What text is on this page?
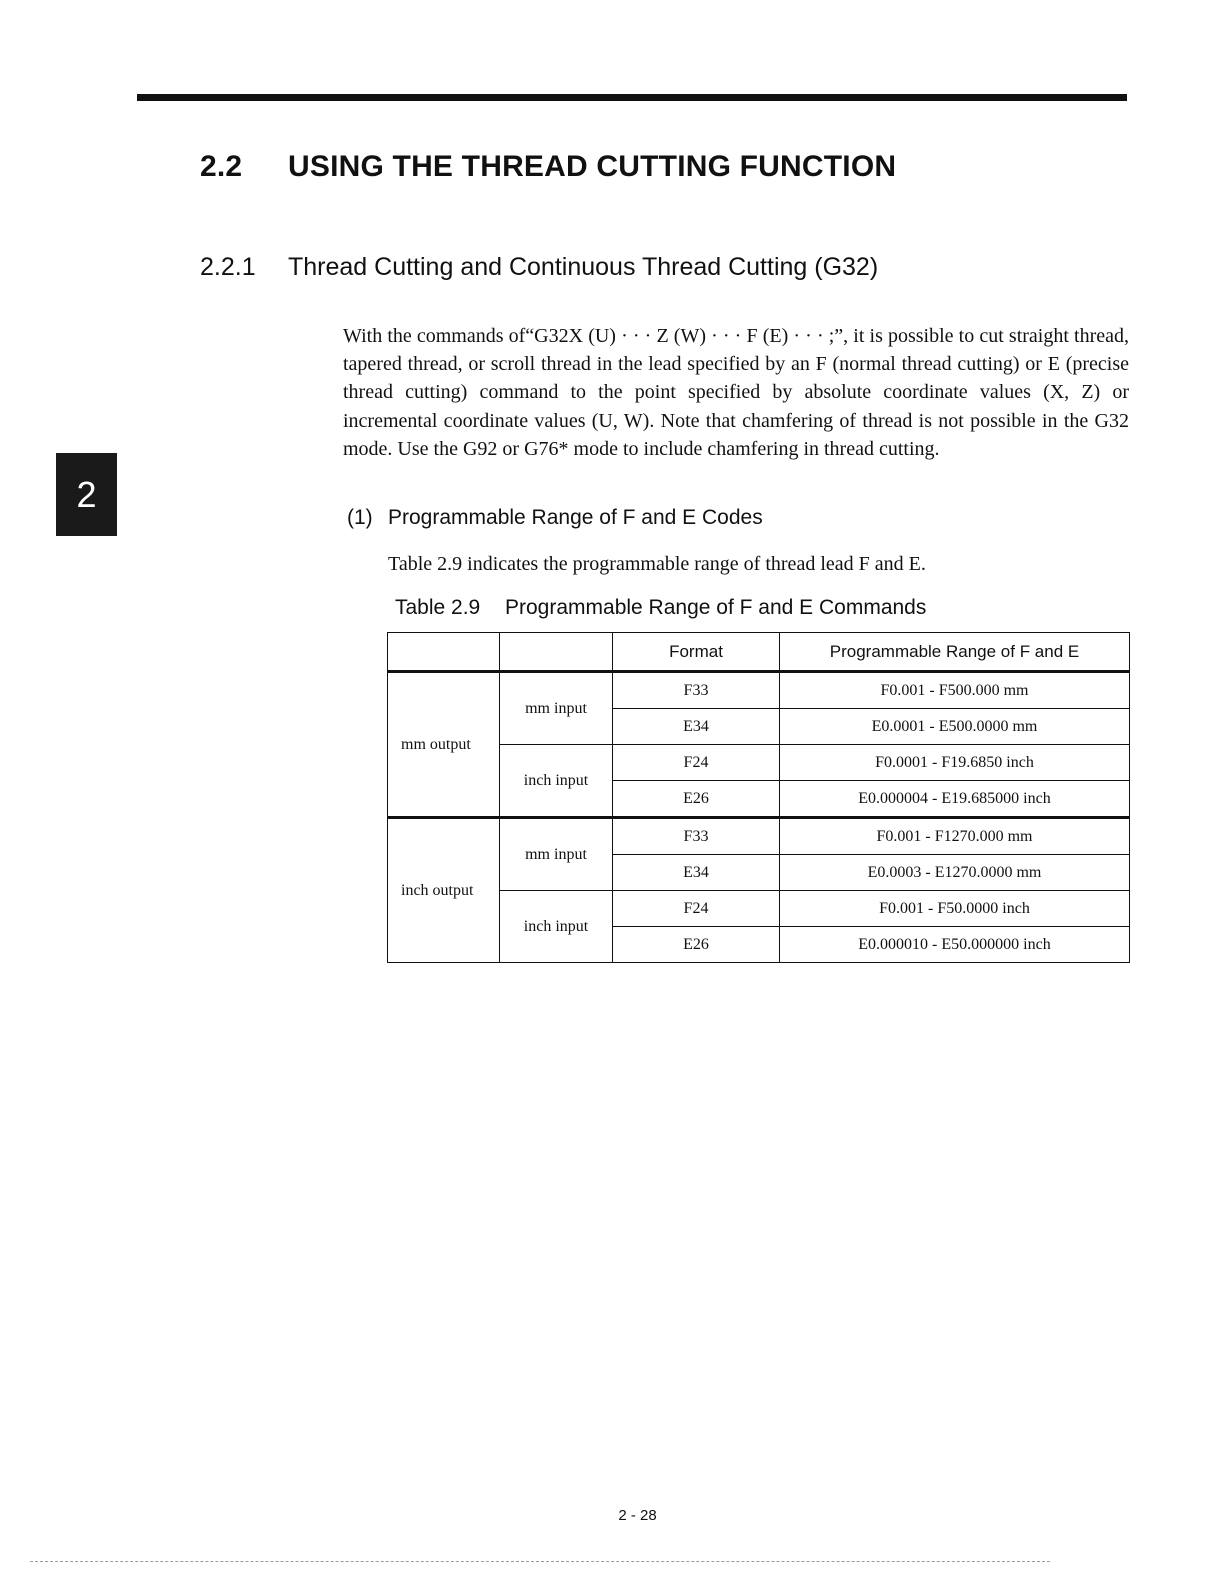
2.2 USING THE THREAD CUTTING FUNCTION
2.2.1 Thread Cutting and Continuous Thread Cutting (G32)
2

With the commands of“G32X (U) · · · Z (W) · · · F (E) · · · ;”, it is possible to cut straight thread, tapered thread, or scroll thread in the lead specified by an F (normal thread cutting) or E (precise thread cutting) command to the point specified by absolute coordinate values (X, Z) or incremental coordinate values (U, W). Note that chamfering of thread is not possible in the G32 mode. Use the G92 or G76* mode to include chamfering in thread cutting.

(1) Programmable Range of F and E Codes

Table 2.9 indicates the programmable range of thread lead F and E.

Table 2.9 Programmable Range of F and E Commands
		Format	Programmable Range of F and E
mm output	mm input	F33	F0.001 - F500.000 mm
		E34	E0.0001 - E500.0000 mm
	inch input	F24	F0.0001 - F19.6850 inch
		E26	E0.000004 - E19.685000 inch
inch output	mm input	F33	F0.001 - F1270.000 mm
		E34	E0.0003 - E1270.0000 mm
	inch input	F24	F0.001 - F50.0000 inch
		E26	E0.000010 - E50.000000 inch
2 - 28
